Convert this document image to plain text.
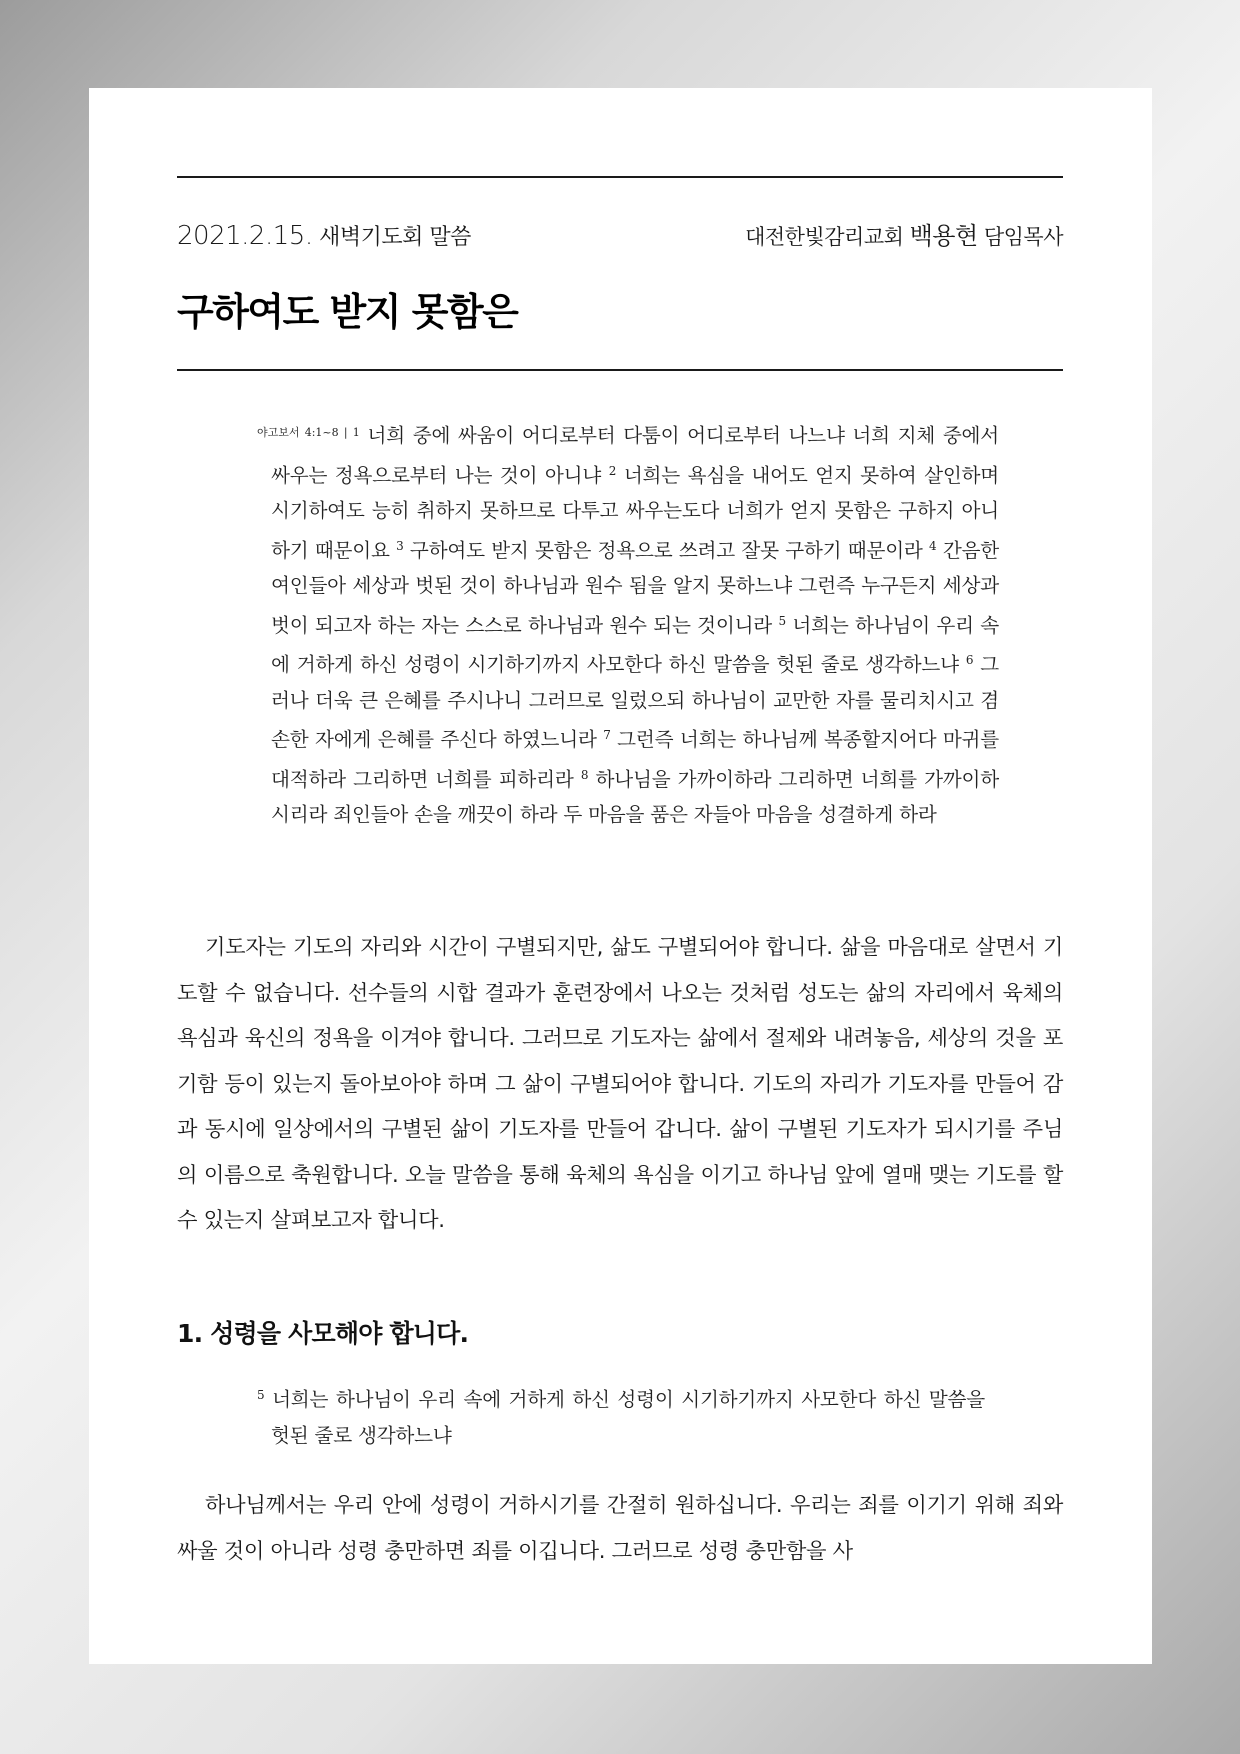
2021.2.15. 새벽기도회 말씀	대전한빛감리교회 백용현 담임목사
구하여도 받지 못함은
$^{야고보서 4:1\sim 8 | 1}$ 너희 중에 싸움이 어디로부터 다툼이 어디로부터 나느냐 너희 지체 중에서 싸우는 정욕으로부터 나는 것이 아니냐 $^2$ 너희는 욕심을 내어도 얻지 못하여 살인하며 시기하여도 능히 취하지 못하므로 다투고 싸우는도다 너희가 얻지 못함은 구하지 아니하기 때문이요 $^3$ 구하여도 받지 못함은 정욕으로 쓰려고 잘못 구하기 때문이라 $^4$ 간음한 여인들아 세상과 벗된 것이 하나님과 원수 됨을 알지 못하느냐 그런즉 누구든지 세상과 벗이 되고자 하는 자는 스스로 하나님과 원수 되는 것이니라 $^5$ 너희는 하나님이 우리 속에 거하게 하신 성령이 시기하기까지 사모한다 하신 말씀을 헛된 줄로 생각하느냐 $^6$ 그러나 더욱 큰 은혜를 주시나니 그러므로 일렀으되 하나님이 교만한 자를 물리치시고 겸손한 자에게 은혜를 주신다 하였느니라 $^7$ 그런즉 너희는 하나님께 복종할지어다 마귀를 대적하라 그리하면 너희를 피하리라 $^8$ 하나님을 가까이하라 그리하면 너희를 가까이하시리라 죄인들아 손을 깨끗이 하라 두 마음을 품은 자들아 마음을 성결하게 하라

기도자는 기도의 자리와 시간이 구별되지만, 삶도 구별되어야 합니다. 삶을 마음대로 살면서 기도할 수 없습니다. 선수들의 시합 결과가 훈련장에서 나오는 것처럼 성도는 삶의 자리에서 육체의 욕심과 육신의 정욕을 이겨야 합니다. 그러므로 기도자는 삶에서 절제와 내려놓음, 세상의 것을 포기함 등이 있는지 돌아보아야 하며 그 삶이 구별되어야 합니다. 기도의 자리가 기도자를 만들어 감과 동시에 일상에서의 구별된 삶이 기도자를 만들어 갑니다. 삶이 구별된 기도자가 되시기를 주님의 이름으로 축원합니다. 오늘 말씀을 통해 육체의 욕심을 이기고 하나님 앞에 열매 맺는 기도를 할 수 있는지 살펴보고자 합니다.

1. 성령을 사모해야 합니다.
$^5$ 너희는 하나님이 우리 속에 거하게 하신 성령이 시기하기까지 사모한다 하신 말씀을 헛된 줄로 생각하느냐

하나님께서는 우리 안에 성령이 거하시기를 간절히 원하십니다. 우리는 죄를 이기기 위해 죄와 싸울 것이 아니라 성령 충만하면 죄를 이깁니다. 그러므로 성령 충만함을 사
